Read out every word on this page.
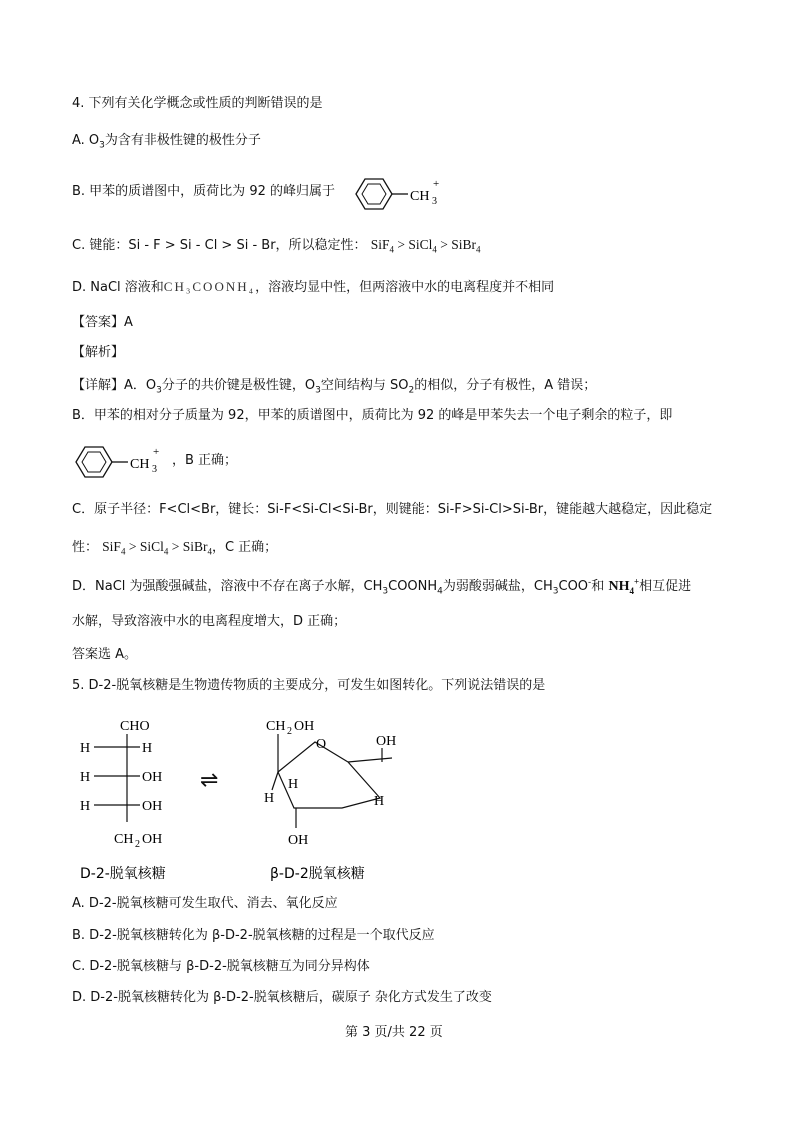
4. 下列有关化学概念或性质的判断错误的是
A. $O_3$为含有非极性键的极性分子
B. 甲苯的质谱图中，质荷比为 92 的峰归属于	CH 3
+
C. 键能：Si - F > Si - Cl > Si - Br，所以稳定性： SiF$_4$ > SiCl$_4$ > SiBr$_4$
D. NaCl 溶液和CH₃COONH₄，溶液均显中性，但两溶液中水的电离程度并不相同
【答案】A
【解析】
【详解】A．$O_3$分子的共价键是极性键，$O_3$空间结构与 $SO_2$的相似，分子有极性，A 错误；
B．甲苯的相对分子质量为 92，甲苯的质谱图中，质荷比为 92 的峰是甲苯失去一个电子剩余的粒子，即
CH 3
+
，B 正确；
C．原子半径：F<Cl<Br，键长：Si-F<Si-Cl<Si-Br，则键能：Si-F>Si-Cl>Si-Br，键能越大越稳定，因此稳定
性： SiF$_4$ > SiCl$_4$ > SiBr$_4$，C 正确；
D．NaCl 为强酸强碱盐，溶液中不存在离子水解，$CH_3COONH_4$为弱酸弱碱盐，$CH_3COO^-$和 $NH_4^+$相互促进
水解，导致溶液中水的电离程度增大，D 正确；
答案选 A。
5. D-2-脱氧核糖是生物遗传物质的主要成分，可发生如图转化。下列说法错误的是
CHO
H	H
H	OH
H	OH
CH 2 OH
D-2-脱氧核糖
⇌
CH 2 OH
O	OH
H
H	H
OH
β-D-2脱氧核糖
A. D-2-脱氧核糖可发生取代、消去、氧化反应
B. D-2-脱氧核糖转化为 β-D-2-脱氧核糖的过程是一个取代反应
C. D-2-脱氧核糖与 β-D-2-脱氧核糖互为同分异构体
D. D-2-脱氧核糖转化为 β-D-2-脱氧核糖后，碳原子 杂化方式发生了改变
第 3 页/共 22 页
